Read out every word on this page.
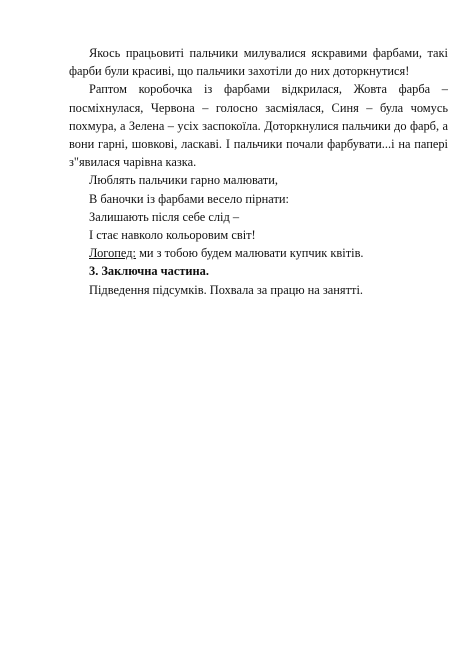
Якось працьовиті пальчики милувалися яскравими фарбами, такі фарби були красиві, що пальчики захотіли до них доторкнутися!

Раптом коробочка із фарбами відкрилася, Жовта фарба – посміхнулася, Червона – голосно засміялася, Синя – була чомусь похмура, а Зелена – усіх заспокоїла. Доторкнулися пальчики до фарб, а вони гарні, шовкові, ласкаві. І пальчики почали фарбувати...і на папері з"явилася чарівна казка.

Люблять пальчики гарно малювати,

В баночки із фарбами весело пірнати:

Залишають після себе слід –

І стає навколо кольоровим світ!

Логопед: ми з тобою будем малювати купчик квітів.

3. Заключна частина.

Підведення підсумків. Похвала за працю на занятті.
